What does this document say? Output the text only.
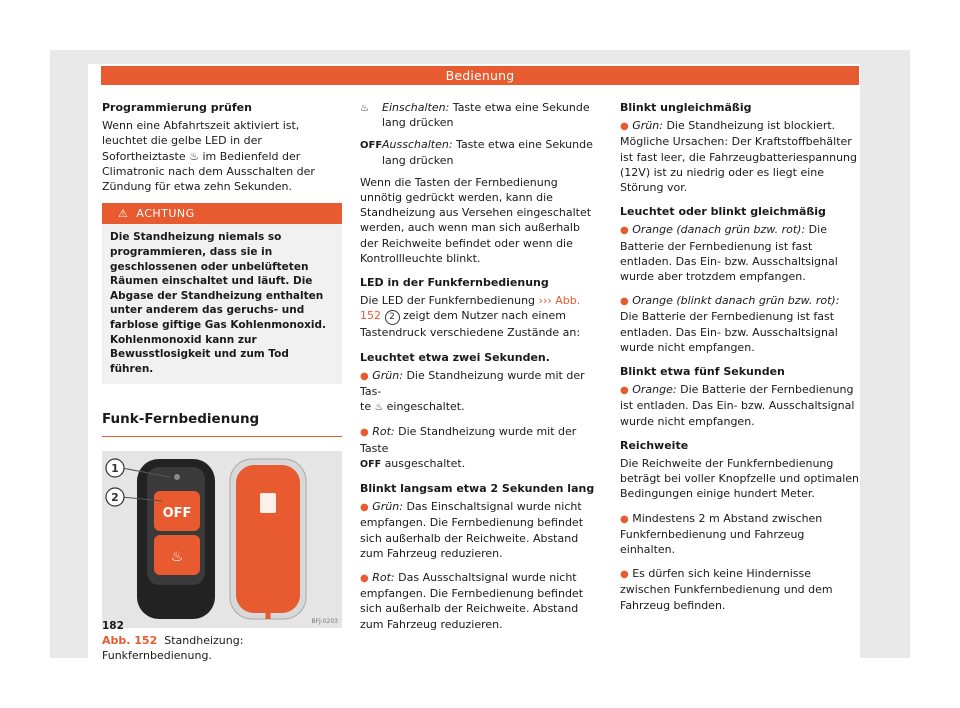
Bedienung
Programmierung prüfen

Wenn eine Abfahrtszeit aktiviert ist, leuchtet die gelbe LED in der Sofortheiztaste ♨ im Bedienfeld der Climatronic nach dem Ausschalten der Zündung für etwa zehn Sekunden.

⚠ ACHTUNG
Die Standheizung niemals so programmieren, dass sie in geschlossenen oder unbelüfteten Räumen einschaltet und läuft. Die Abgase der Standheizung enthalten unter anderem das geruchs- und farblose giftige Gas Kohlenmonoxid. Kohlenmonoxid kann zur Bewusstlosigkeit und zum Tod führen.
Funk-Fernbedienung
OFF
♨
1
2
BFJ-0203
Abb. 152 Standheizung: Funkfernbedienung.
♨	Einschalten: Taste etwa eine Sekunde lang drücken
OFF Ausschalten: Taste etwa eine Sekunde lang drücken

Wenn die Tasten der Fernbedienung unnötig gedrückt werden, kann die Standheizung aus Versehen eingeschaltet werden, auch wenn man sich außerhalb der Reichweite befindet oder wenn die Kontrollleuchte blinkt.

LED in der Funkfernbedienung

Die LED der Funkfernbedienung ››› Abb. 152 2 zeigt dem Nutzer nach einem Tastendruck verschiedene Zustände an:

Leuchtet etwa zwei Sekunden.

● Grün: Die Standheizung wurde mit der Tas-
te ♨ eingeschaltet.

● Rot: Die Standheizung wurde mit der Taste
OFF ausgeschaltet.

Blinkt langsam etwa 2 Sekunden lang

● Grün: Das Einschaltsignal wurde nicht empfangen. Die Fernbedienung befindet sich außerhalb der Reichweite. Abstand zum Fahrzeug reduzieren.

● Rot: Das Ausschaltsignal wurde nicht empfangen. Die Fernbedienung befindet sich außerhalb der Reichweite. Abstand zum Fahrzeug reduzieren.

Blinkt ungleichmäßig

● Grün: Die Standheizung ist blockiert. Mögliche Ursachen: Der Kraftstoffbehälter ist fast leer, die Fahrzeugbatteriespannung (12V) ist zu niedrig oder es liegt eine Störung vor.

Leuchtet oder blinkt gleichmäßig

● Orange (danach grün bzw. rot): Die Batterie der Fernbedienung ist fast entladen. Das Ein- bzw. Ausschaltsignal wurde aber trotzdem empfangen.

● Orange (blinkt danach grün bzw. rot): Die Batterie der Fernbedienung ist fast entladen. Das Ein- bzw. Ausschaltsignal wurde nicht empfangen.

Blinkt etwa fünf Sekunden

● Orange: Die Batterie der Fernbedienung ist entladen. Das Ein- bzw. Ausschaltsignal wurde nicht empfangen.

Reichweite

Die Reichweite der Funkfernbedienung beträgt bei voller Knopfzelle und optimalen Bedingungen einige hundert Meter.

● Mindestens 2 m Abstand zwischen Funkfernbedienung und Fahrzeug einhalten.

● Es dürfen sich keine Hindernisse zwischen Funkfernbedienung und dem Fahrzeug befinden.

182
